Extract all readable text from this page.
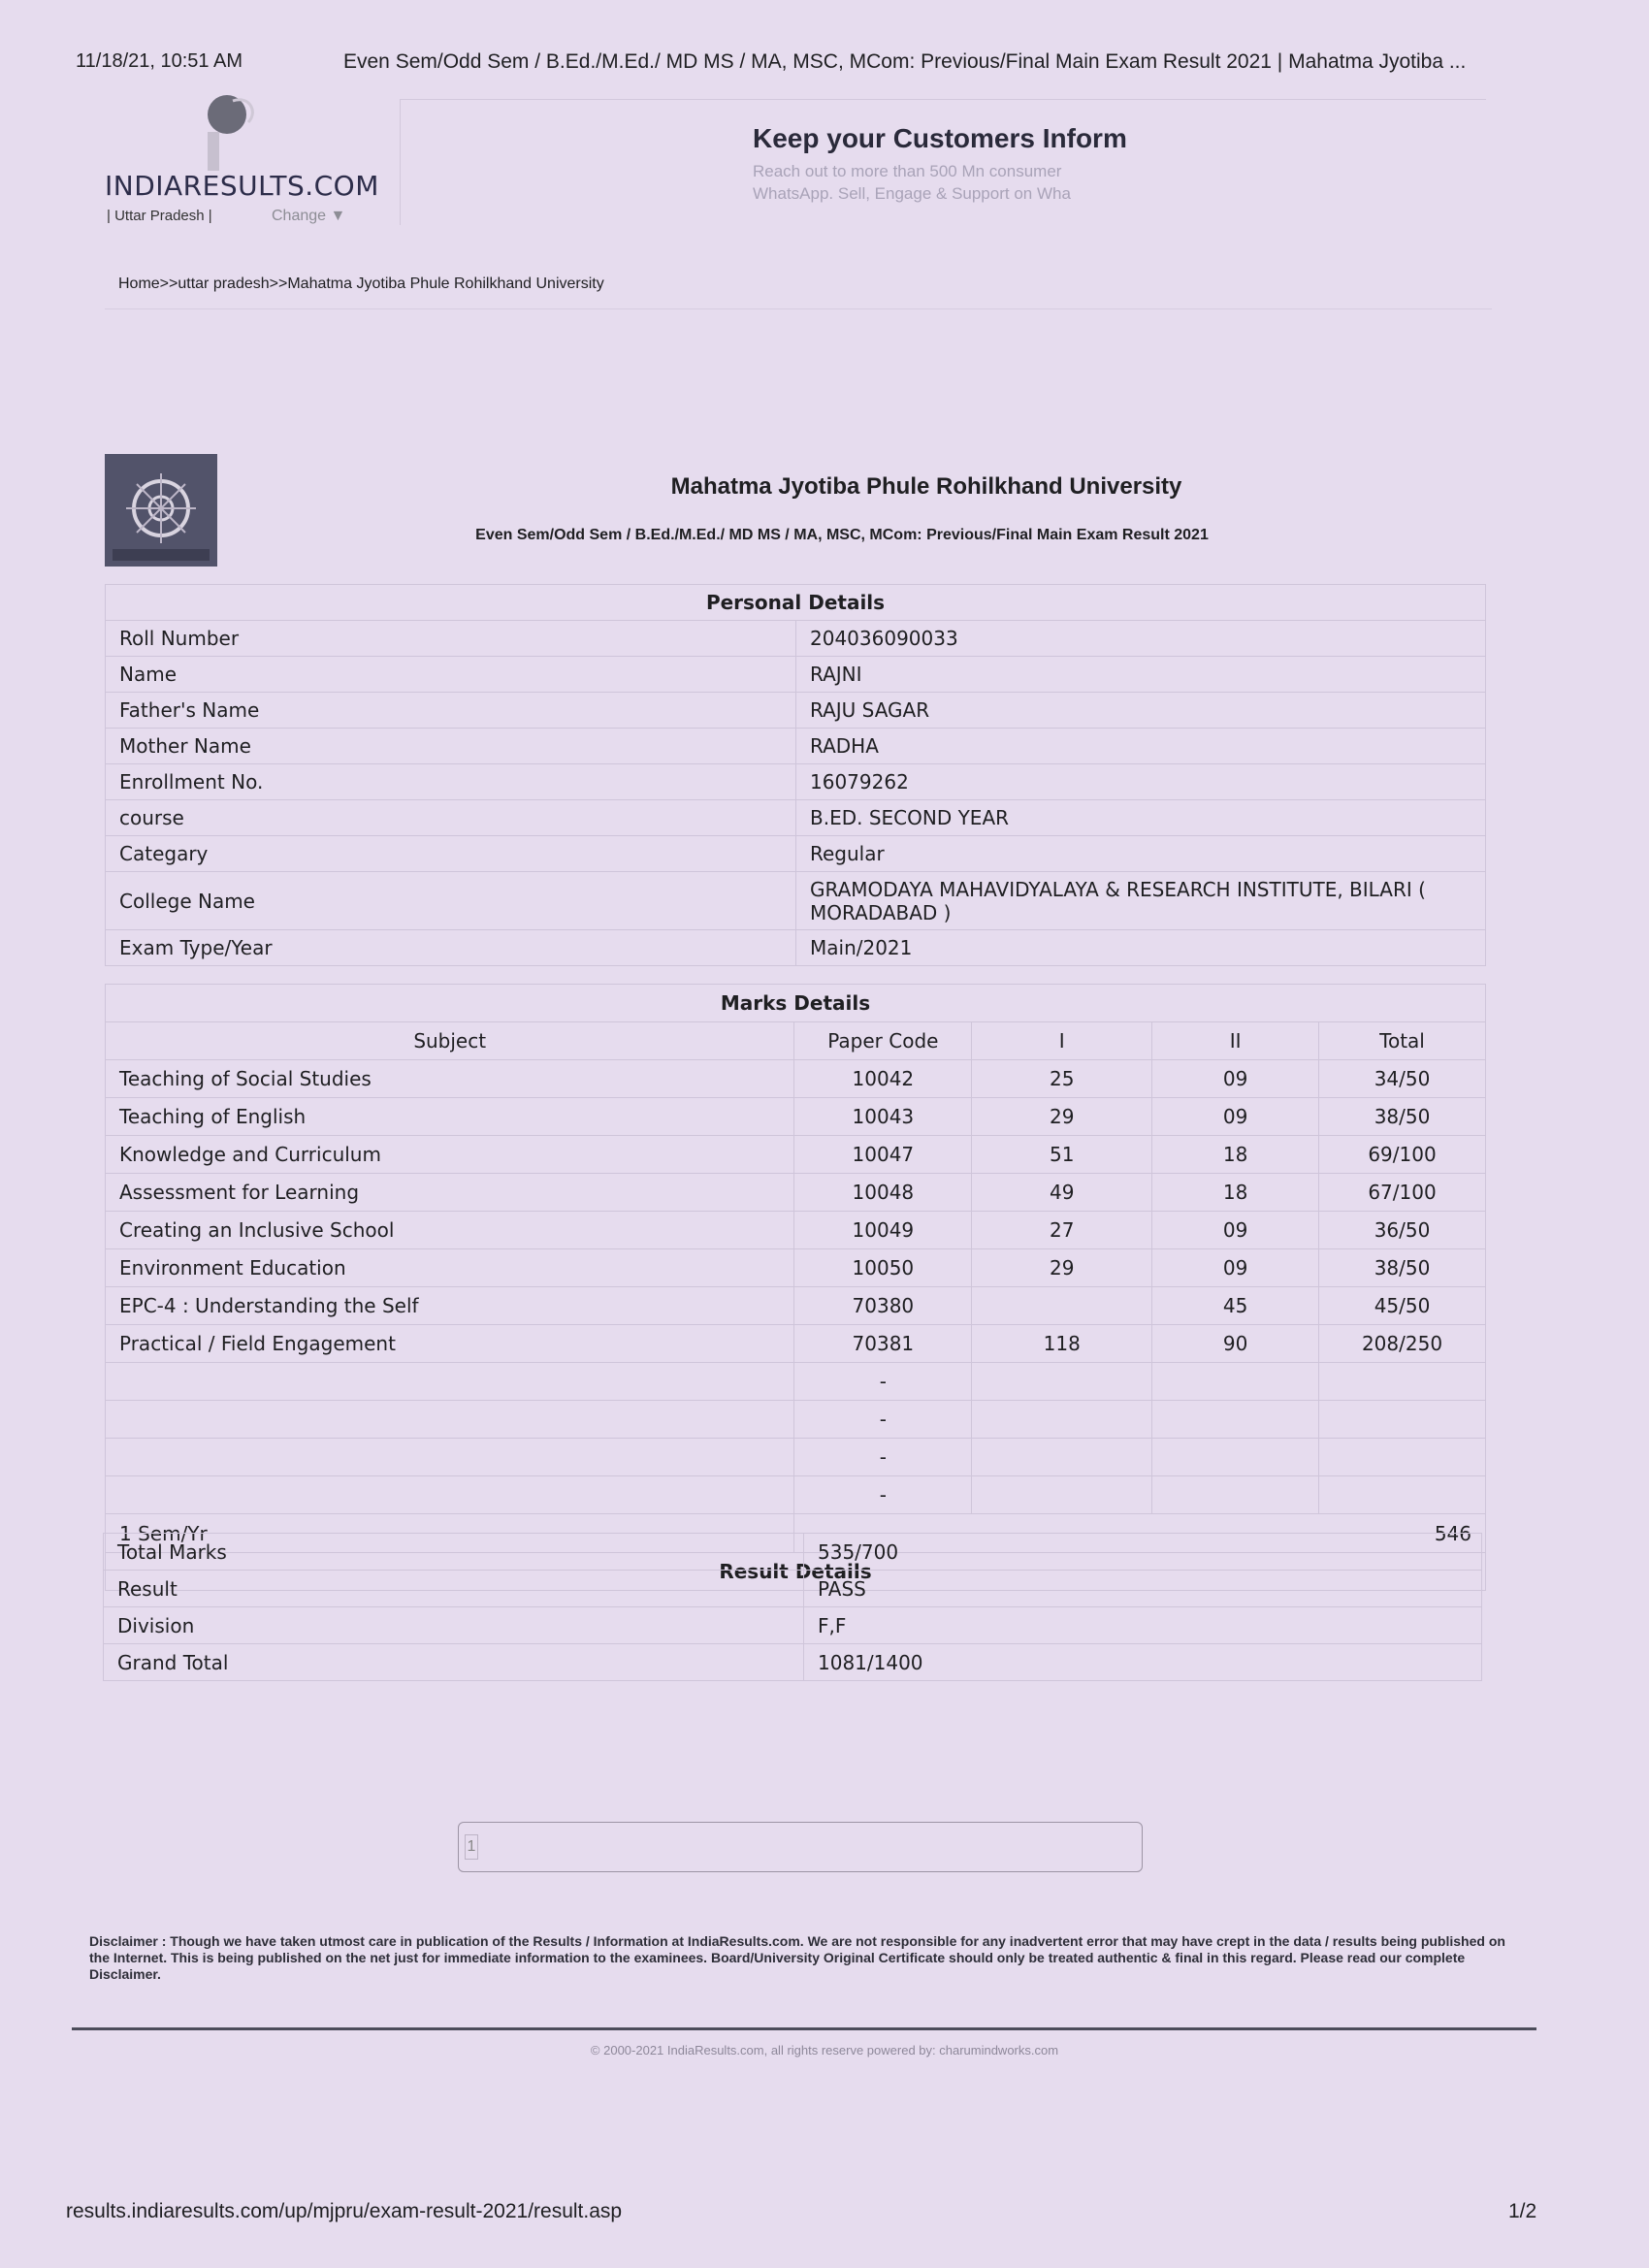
11/18/21, 10:51 AM	Even Sem/Odd Sem / B.Ed./M.Ed./ MD MS / MA, MSC, MCom: Previous/Final Main Exam Result 2021 | Mahatma Jyotiba ...
INDIARESULTS.COM
| Uttar Pradesh |	Change ▼
Keep your Customers Inform
Reach out to more than 500 Mn consumer
WhatsApp. Sell, Engage & Support on Wha
Home>>uttar pradesh>>Mahatma Jyotiba Phule Rohilkhand University
Mahatma Jyotiba Phule Rohilkhand University
Even Sem/Odd Sem / B.Ed./M.Ed./ MD MS / MA, MSC, MCom: Previous/Final Main Exam Result 2021
Personal Details	
Roll Number	204036090033
Name	RAJNI
Father's Name	RAJU SAGAR
Mother Name	RADHA
Enrollment No.	16079262
course	B.ED. SECOND YEAR
Categary	Regular
College Name	GRAMODAYA MAHAVIDYALAYA & RESEARCH INSTITUTE, BILARI ( MORADABAD )
Exam Type/Year	Main/2021
Marks Details				
Subject	Paper Code	I	II	Total
Teaching of Social Studies	10042	25	09	34/50
Teaching of English	10043	29	09	38/50
Knowledge and Curriculum	10047	51	18	69/100
Assessment for Learning	10048	49	18	67/100
Creating an Inclusive School	10049	27	09	36/50
Environment Education	10050	29	09	38/50
EPC-4 : Understanding the Self	70380		45	45/50
Practical / Field Engagement	70381	118	90	208/250
	-			
	-			
	-			
	-			
1 Sem/Yr	546			
Result Details				
Total Marks	535/700
Result	PASS
Division	F,F
Grand Total	1081/1400
1
Disclaimer : Though we have taken utmost care in publication of the Results / Information at IndiaResults.com. We are not responsible for any inadvertent error that may have crept in the data / results being published on the Internet. This is being published on the net just for immediate information to the examinees. Board/University Original Certificate should only be treated authentic & final in this regard. Please read our complete Disclaimer.
© 2000-2021 IndiaResults.com, all rights reserve powered by: charumindworks.com
results.indiaresults.com/up/mjpru/exam-result-2021/result.asp	1/2
